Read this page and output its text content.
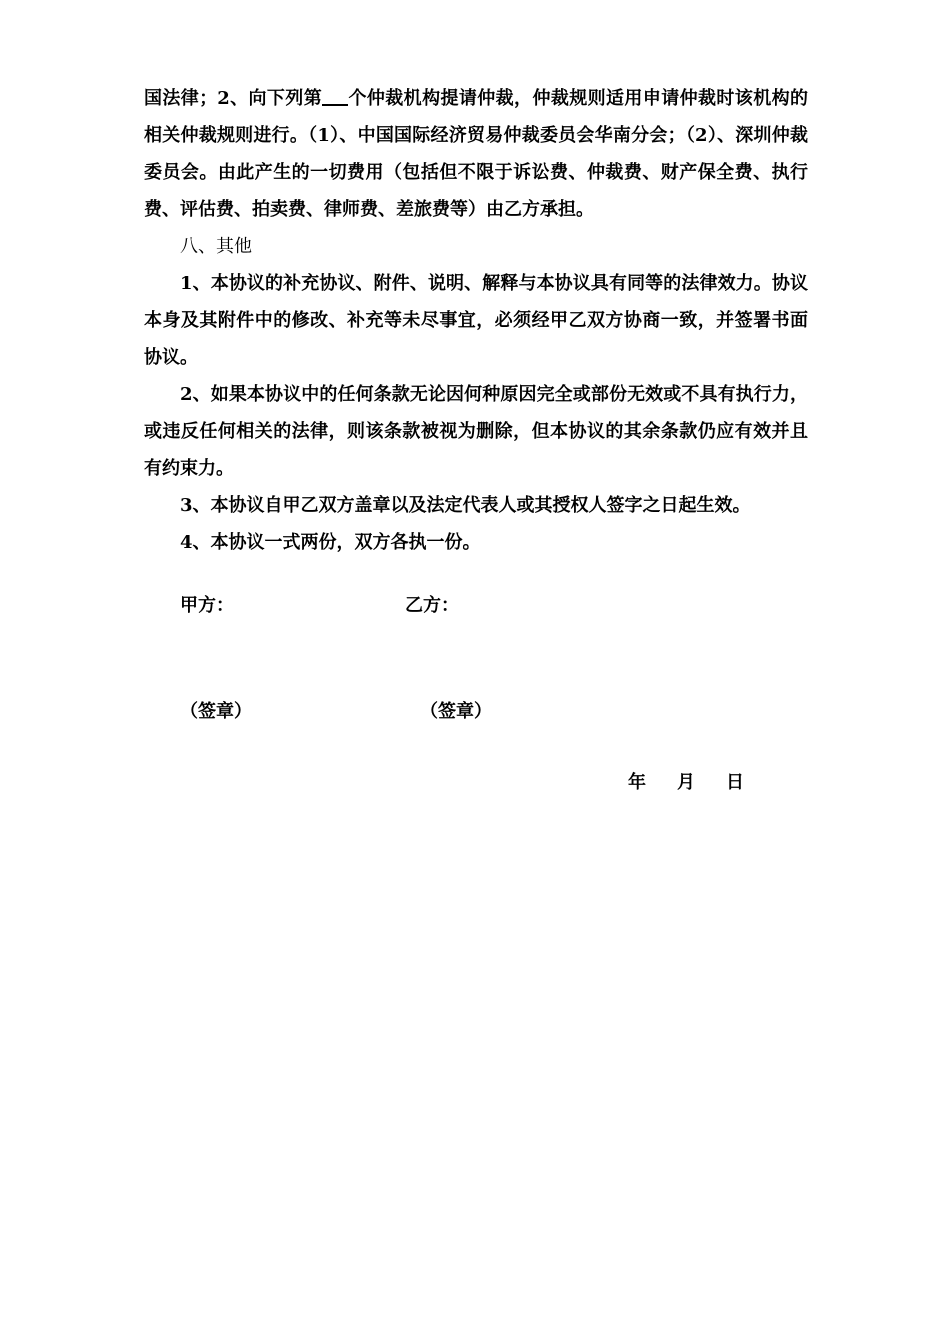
国法律；2、向下列第 个仲裁机构提请仲裁，仲裁规则适用申请仲裁时该机构的相关仲裁规则进行。（1）、中国国际经济贸易仲裁委员会华南分会；（2）、深圳仲裁委员会。由此产生的一切费用（包括但不限于诉讼费、仲裁费、财产保全费、执行费、评估费、拍卖费、律师费、差旅费等）由乙方承担。

八、其他

1、本协议的补充协议、附件、说明、解释与本协议具有同等的法律效力。协议本身及其附件中的修改、补充等未尽事宜，必须经甲乙双方协商一致，并签署书面协议。

2、如果本协议中的任何条款无论因何种原因完全或部份无效或不具有执行力，或违反任何相关的法律，则该条款被视为删除，但本协议的其余条款仍应有效并且有约束力。

3、本协议自甲乙双方盖章以及法定代表人或其授权人签字之日起生效。

4、本协议一式两份，双方各执一份。

甲方：	乙方：
（签章）	（签章）
年 月 日
